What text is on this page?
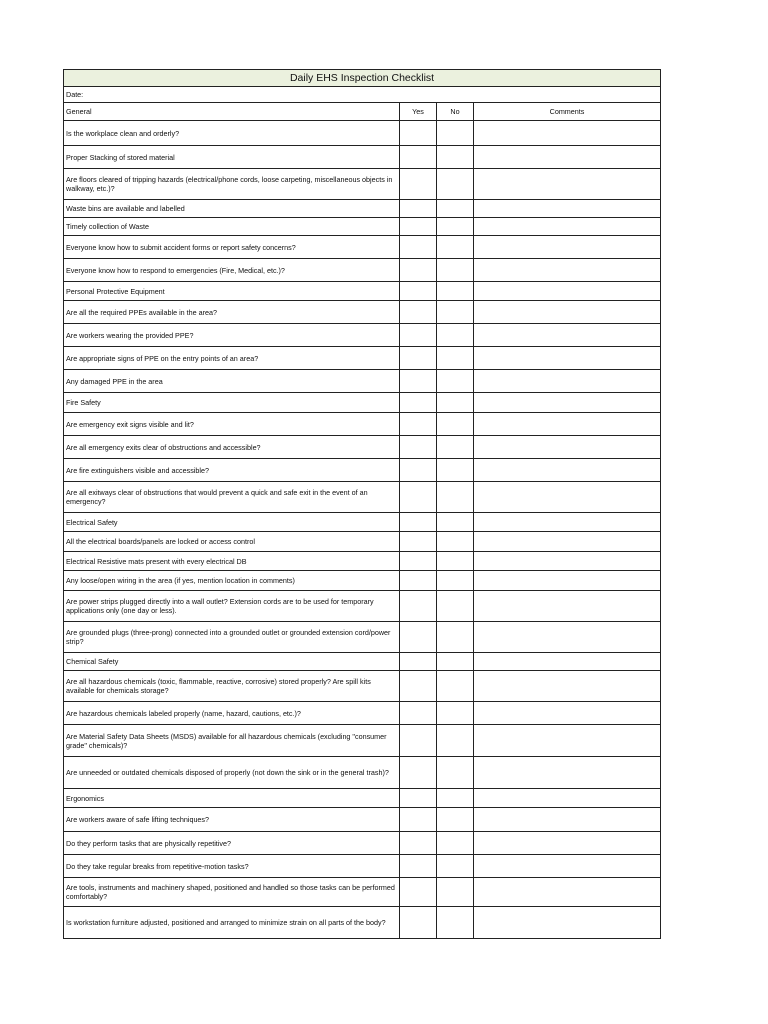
Daily EHS Inspection Checklist			
Date:			
General	Yes	No	Comments
Is the workplace clean and orderly?			
Proper Stacking of stored material			
Are floors cleared of tripping hazards (electrical/phone cords, loose carpeting, miscellaneous objects in walkway, etc.)?			
Waste bins are available and labelled			
Timely collection of Waste			
Everyone know how to submit accident forms or report safety concerns?			
Everyone know how to respond to emergencies (Fire, Medical, etc.)?			
Personal Protective Equipment			
Are all the required PPEs available in the area?			
Are workers wearing the provided PPE?			
Are appropriate signs of PPE on the entry points of an area?			
Any damaged PPE in the area			
Fire Safety			
Are emergency exit signs visible and lit?			
Are all emergency exits clear of obstructions and accessible?			
Are fire extinguishers visible and accessible?			
Are all exitways clear of obstructions that would prevent a quick and safe exit in the event of an emergency?			
Electrical Safety			
All the electrical boards/panels are locked or access control			
Electrical Resistive mats present with every electrical DB			
Any loose/open wiring in the area (if yes, mention location in comments)			
Are power strips plugged directly into a wall outlet? Extension cords are to be used for temporary applications only (one day or less).			
Are grounded plugs (three-prong) connected into a grounded outlet or grounded extension cord/power strip?			
Chemical Safety			
Are all hazardous chemicals (toxic, flammable, reactive, corrosive) stored properly? Are spill kits available for chemicals storage?			
Are hazardous chemicals labeled properly (name, hazard, cautions, etc.)?			
Are Material Safety Data Sheets (MSDS) available for all hazardous chemicals (excluding "consumer grade" chemicals)?			
Are unneeded or outdated chemicals disposed of properly (not down the sink or in the general trash)?			
Ergonomics			
Are workers aware of safe lifting techniques?			
Do they perform tasks that are physically repetitive?			
Do they take regular breaks from repetitive-motion tasks?			
Are tools, instruments and machinery shaped, positioned and handled so those tasks can be performed comfortably?			
Is workstation furniture adjusted, positioned and arranged to minimize strain on all parts of the body?			
